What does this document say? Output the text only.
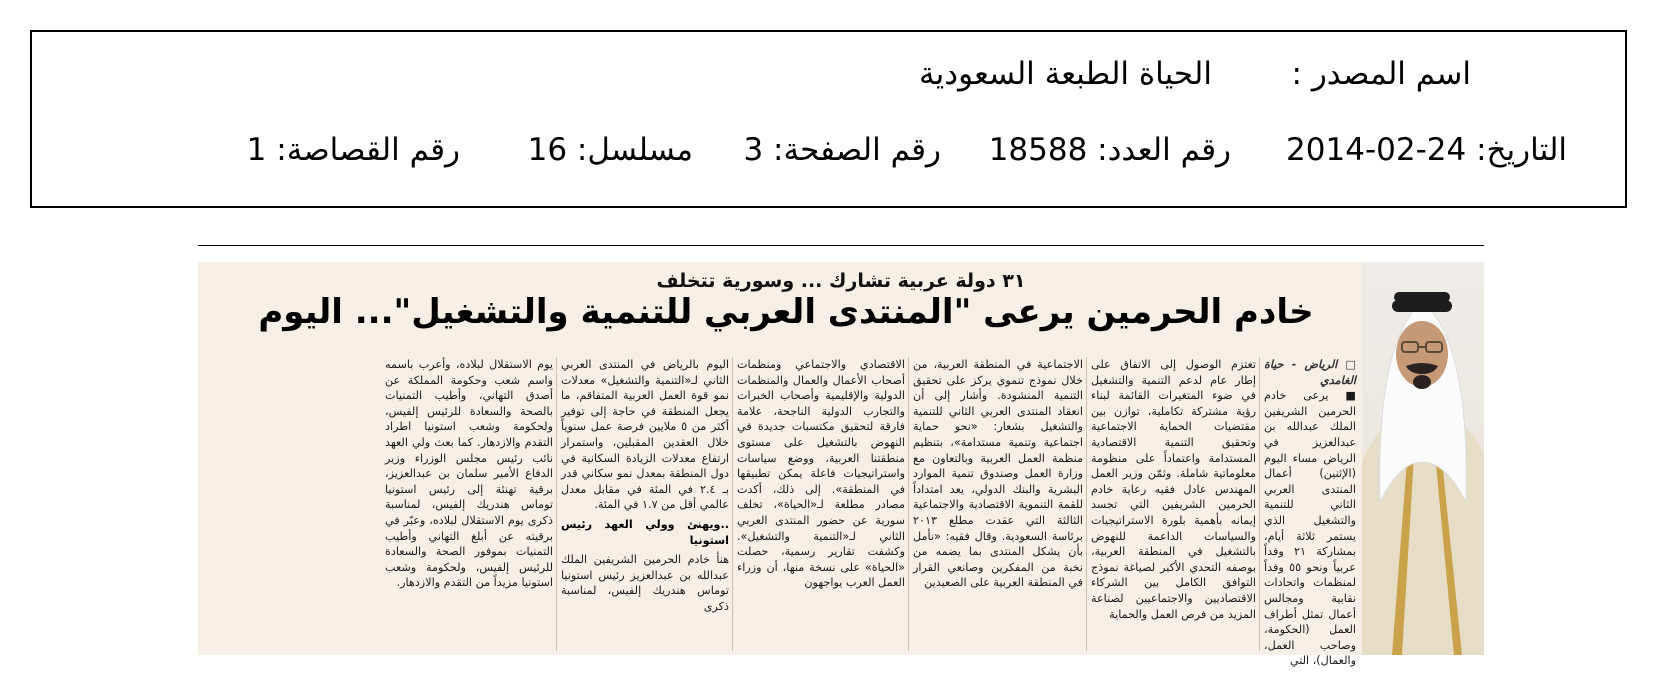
اسم المصدر :
الحياة الطبعة السعودية
التاريخ: 24-02-2014
رقم العدد: 18588
رقم الصفحة: 3
مسلسل: 16
رقم القصاصة: 1
٣١ دولة عربية تشارك ... وسورية تتخلف
خادم الحرمين يرعى "المنتدى العربي للتنمية والتشغيل"... اليوم

□ الرياض - حياة الغامدي

■ يرعى خادم الحرمين الشريفين الملك عبدالله بن عبدالعزيز في الرياض مساء اليوم (الإثنين) أعمال المنتدى العربي الثاني للتنمية والتشغيل الذي يستمر ثلاثة أيام، بمشاركة ٢١ وفداً عربياً ونحو ٥٥ وفداً لمنظمات واتحادات نقابية ومجالس أعمال تمثل أطراف العمل (الحكومة، وصاحب العمل، والعمال)، التي

تعتزم الوصول إلى الاتفاق على إطار عام لدعم التنمية والتشغيل في ضوء المتغيرات القائمة لبناء رؤية مشتركة تكاملية، توازن بين مقتضيات الحماية الاجتماعية وتحقيق التنمية الاقتصادية المستدامة واعتماداً على منظومة معلوماتية شاملة. وثمّن وزير العمل المهندس عادل فقيه رعاية خادم الحرمين الشريفين التي تجسد إيمانه بأهمية بلورة الاستراتيجيات والسياسات الداعمة للنهوض بالتشغيل في المنطقة العربية، بوصفه التحدي الأكبر لصياغة نموذج التوافق الكامل بين الشركاء الاقتصاديين والاجتماعيين لصناعة المزيد من فرص العمل والحماية

الاجتماعية في المنطقة العربية، من خلال نموذج تنموي يركز على تحقيق التنمية المنشودة. وأشار إلى أن انعقاد المنتدى العربي الثاني للتنمية والتشغيل بشعار: «نحو حماية اجتماعية وتنمية مستدامة»، بتنظيم منظمة العمل العربية وبالتعاون مع وزارة العمل وصندوق تنمية الموارد البشرية والبنك الدولي، يعد امتداداً للقمة التنموية الاقتصادية والاجتماعية الثالثة التي عقدت مطلع ٢٠١٣ برئاسة السعودية. وقال فقيه: «نأمل بأن يشكل المنتدى بما يضمه من نخبة من المفكرين وصانعي القرار في المنطقة العربية على الصعيدين

الاقتصادي والاجتماعي ومنظمات أصحاب الأعمال والعمال والمنظمات الدولية والإقليمية وأصحاب الخبرات والتجارب الدولية الناجحة، علامة فارقة لتحقيق مكتسبات جديدة في النهوض بالتشغيل على مستوى منطقتنا العربية، ووضع سياسات واستراتيجيات فاعلة يمكن تطبيقها في المنطقة». إلى ذلك، أكدت مصادر مطلعة لـ«الحياة»، تخلف سورية عن حضور المنتدى العربي الثاني لـ«التنمية والتشغيل». وكشفت تقارير رسمية، حصلت «الحياة» على نسخة منها، أن وزراء العمل العرب يواجهون

اليوم بالرياض في المنتدى العربي الثاني لـ«التنمية والتشغيل» معدلات نمو قوة العمل العربية المتفاقم، ما يجعل المنطقة في حاجة إلى توفير أكثر من ٥ ملايين فرصة عمل سنوياً خلال العقدين المقبلين، واستمرار ارتفاع معدلات الزيادة السكانية في دول المنطقة بمعدل نمو سكاني قدر بـ ٢.٤ في المئة في مقابل معدل عالمي أقل من ١.٧ في المئة.

..ويهنئ وولي العهد رئيس استونيا

هنأ خادم الحرمين الشريفين الملك عبدالله بن عبدالعزيز رئيس استونيا توماس هندريك إلفيس، لمناسبة ذكرى

يوم الاستقلال لبلاده، وأعرب باسمه واسم شعب وحكومة المملكة عن أصدق التهاني، وأطيب التمنيات بالصحة والسعادة للرئيس إلفيس، ولحكومة وشعب استونيا اطراد التقدم والازدهار. كما بعث ولي العهد نائب رئيس مجلس الوزراء وزير الدفاع الأمير سلمان بن عبدالعزيز، برقية تهنئة إلى رئيس استونيا توماس هندريك إلفيس، لمناسبة ذكرى يوم الاستقلال لبلاده، وعبّر في برقيته عن أبلغ التهاني وأطيب التمنيات بموفور الصحة والسعادة للرئيس إلفيس، ولحكومة وشعب استونيا مزيداً من التقدم والازدهار.
